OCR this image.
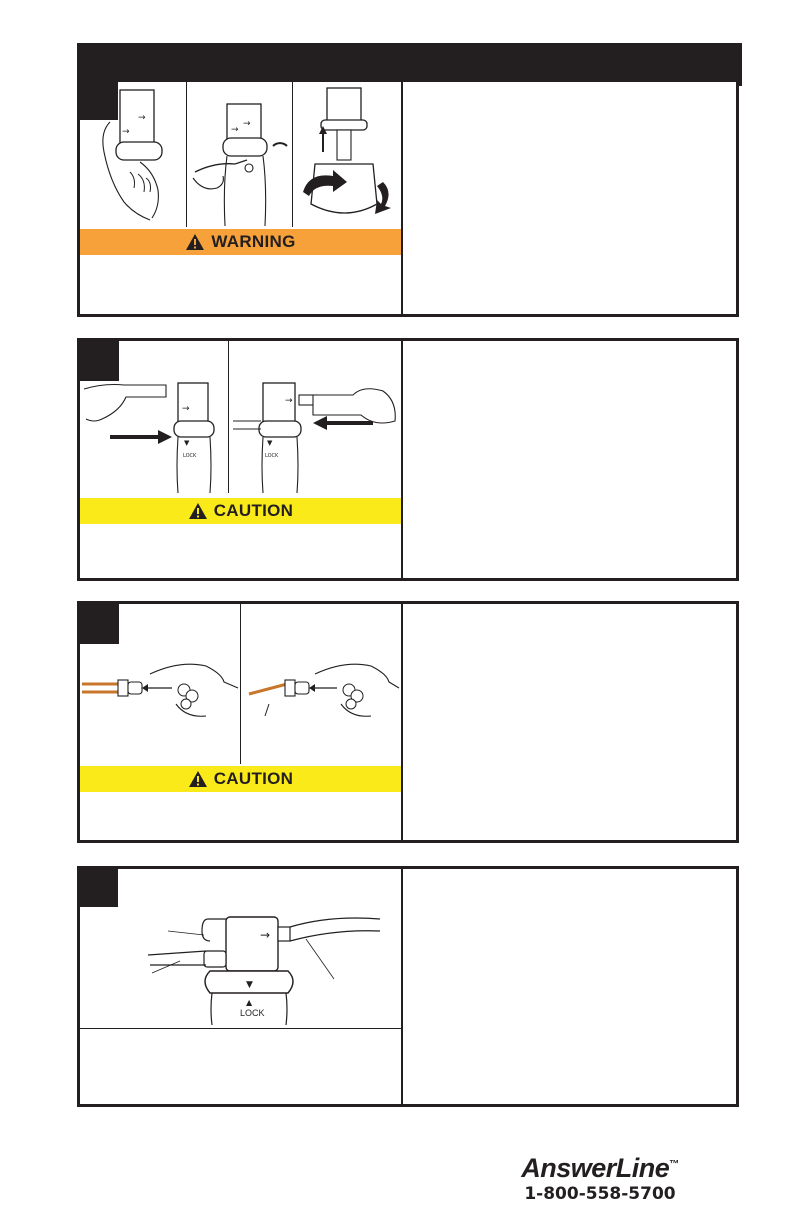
→
→
→
→
WARNING
▼
LOCK
→
▼
LOCK
→
CAUTION
CAUTION
→
▼
▲
LOCK
AnswerLine™
1-800-558-5700
